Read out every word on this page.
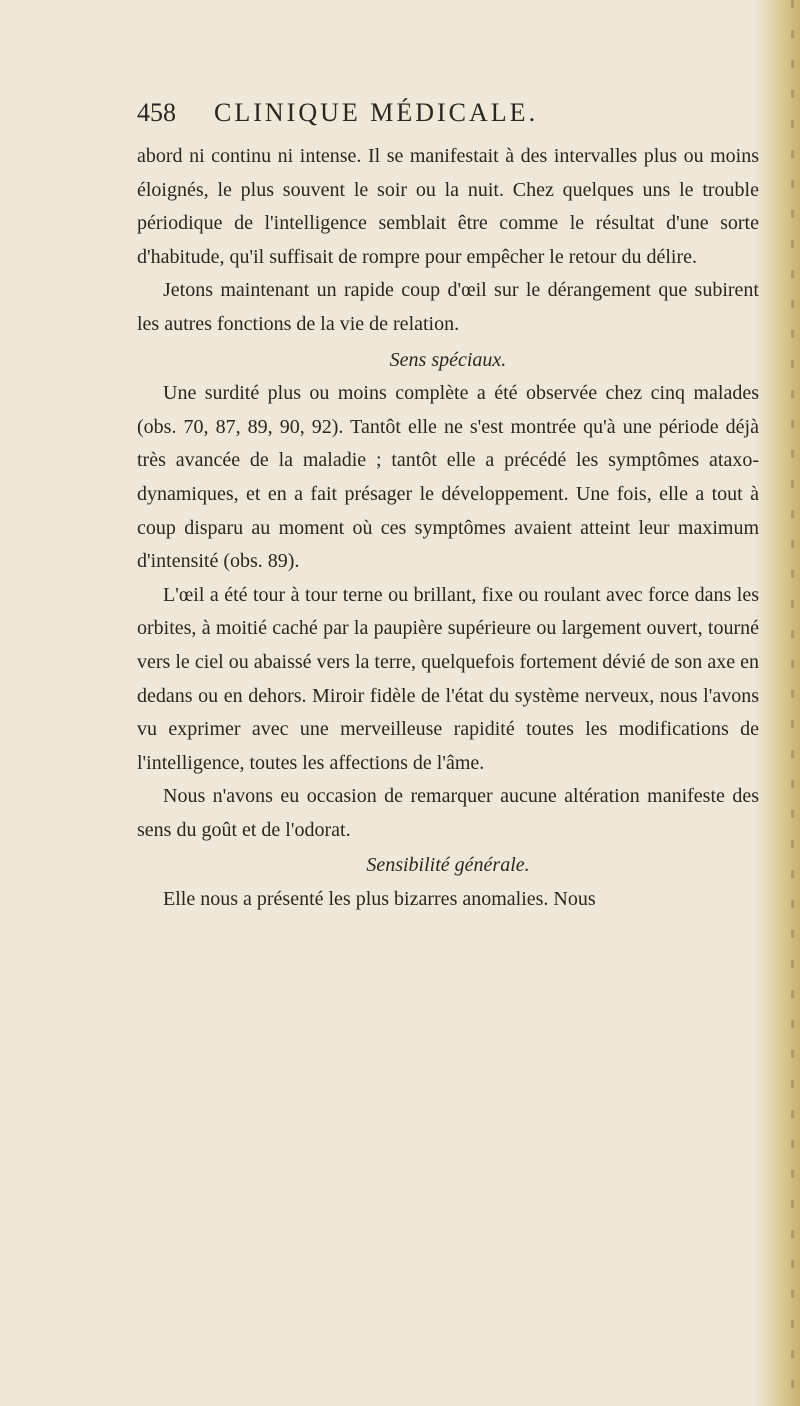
458 CLINIQUE MÉDICALE.

abord ni continu ni intense. Il se manifestait à des intervalles plus ou moins éloignés, le plus souvent le soir ou la nuit. Chez quelques uns le trouble périodique de l'intelligence semblait être comme le résultat d'une sorte d'habitude, qu'il suffisait de rompre pour empêcher le retour du délire.

Jetons maintenant un rapide coup d'œil sur le dérangement que subirent les autres fonctions de la vie de relation.

Sens spéciaux.

Une surdité plus ou moins complète a été observée chez cinq malades (obs. 70, 87, 89, 90, 92). Tantôt elle ne s'est montrée qu'à une période déjà très avancée de la maladie ; tantôt elle a précédé les symptômes ataxo-dynamiques, et en a fait présager le développement. Une fois, elle a tout à coup disparu au moment où ces symptômes avaient atteint leur maximum d'intensité (obs. 89).

L'œil a été tour à tour terne ou brillant, fixe ou roulant avec force dans les orbites, à moitié caché par la paupière supérieure ou largement ouvert, tourné vers le ciel ou abaissé vers la terre, quelquefois fortement dévié de son axe en dedans ou en dehors. Miroir fidèle de l'état du système nerveux, nous l'avons vu exprimer avec une merveilleuse rapidité toutes les modifications de l'intelligence, toutes les affections de l'âme.

Nous n'avons eu occasion de remarquer aucune altération manifeste des sens du goût et de l'odorat.

Sensibilité générale.

Elle nous a présenté les plus bizarres anomalies. Nous
